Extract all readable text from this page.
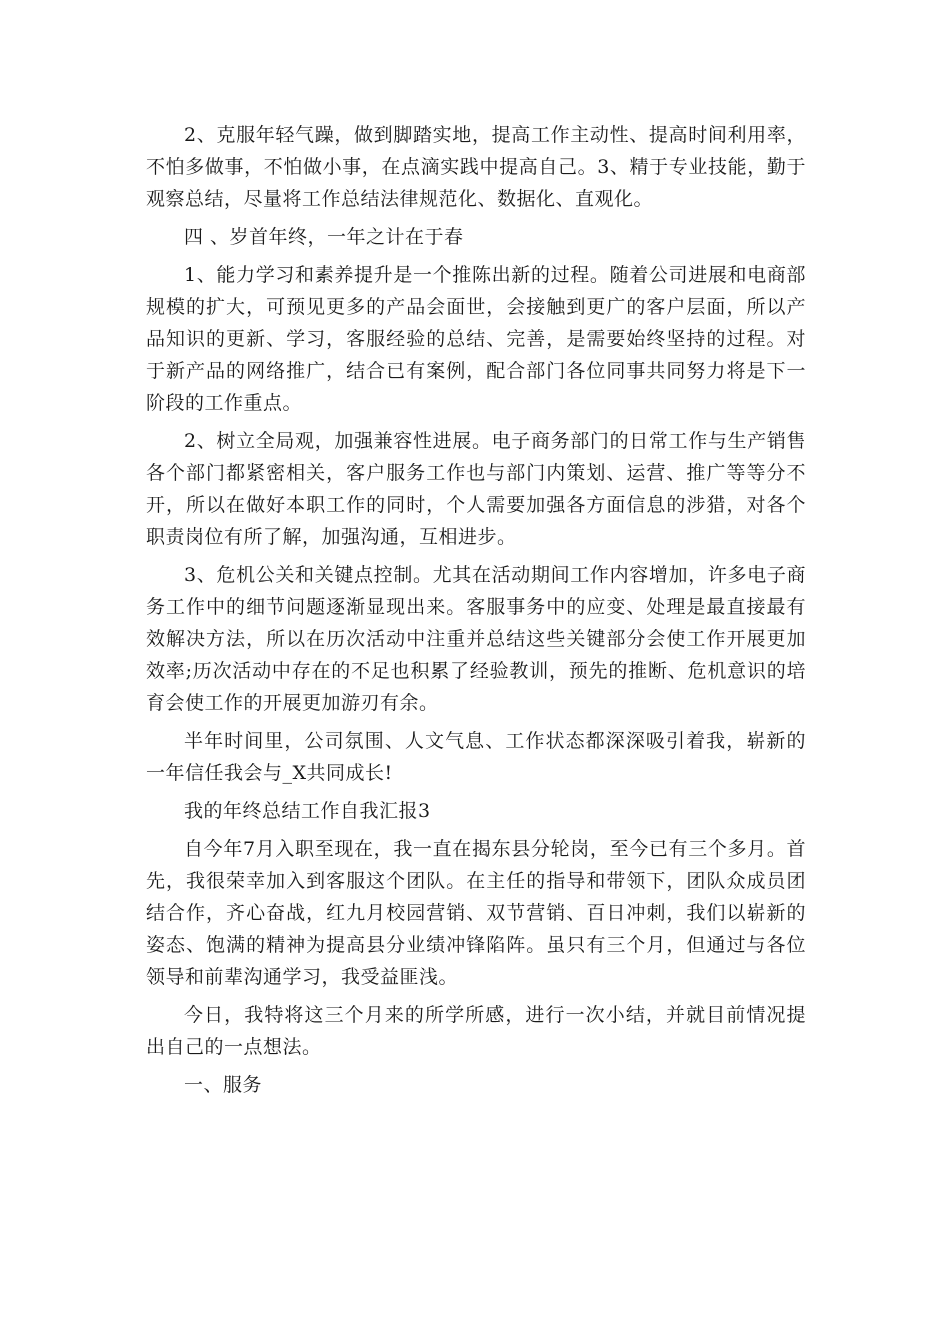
2、克服年轻气躁，做到脚踏实地，提高工作主动性、提高时间利用率，不怕多做事，不怕做小事，在点滴实践中提高自己。3、精于专业技能，勤于观察总结，尽量将工作总结法律规范化、数据化、直观化。

四 、岁首年终，一年之计在于春

1、能力学习和素养提升是一个推陈出新的过程。随着公司进展和电商部规模的扩大，可预见更多的产品会面世，会接触到更广的客户层面，所以产品知识的更新、学习，客服经验的总结、完善，是需要始终坚持的过程。对于新产品的网络推广，结合已有案例，配合部门各位同事共同努力将是下一阶段的工作重点。

2、树立全局观，加强兼容性进展。电子商务部门的日常工作与生产销售各个部门都紧密相关，客户服务工作也与部门内策划、运营、推广等等分不开，所以在做好本职工作的同时，个人需要加强各方面信息的涉猎，对各个职责岗位有所了解，加强沟通，互相进步。

3、危机公关和关键点控制。尤其在活动期间工作内容增加，许多电子商务工作中的细节问题逐渐显现出来。客服事务中的应变、处理是最直接最有效解决方法，所以在历次活动中注重并总结这些关键部分会使工作开展更加效率;历次活动中存在的不足也积累了经验教训，预先的推断、危机意识的培育会使工作的开展更加游刃有余。

半年时间里，公司氛围、人文气息、工作状态都深深吸引着我，崭新的一年信任我会与_X共同成长!

我的年终总结工作自我汇报3

自今年7月入职至现在，我一直在揭东县分轮岗，至今已有三个多月。首先，我很荣幸加入到客服这个团队。在主任的指导和带领下，团队众成员团结合作，齐心奋战，红九月校园营销、双节营销、百日冲刺，我们以崭新的姿态、饱满的精神为提高县分业绩冲锋陷阵。虽只有三个月，但通过与各位领导和前辈沟通学习，我受益匪浅。

今日，我特将这三个月来的所学所感，进行一次小结，并就目前情况提出自己的一点想法。

一、服务
